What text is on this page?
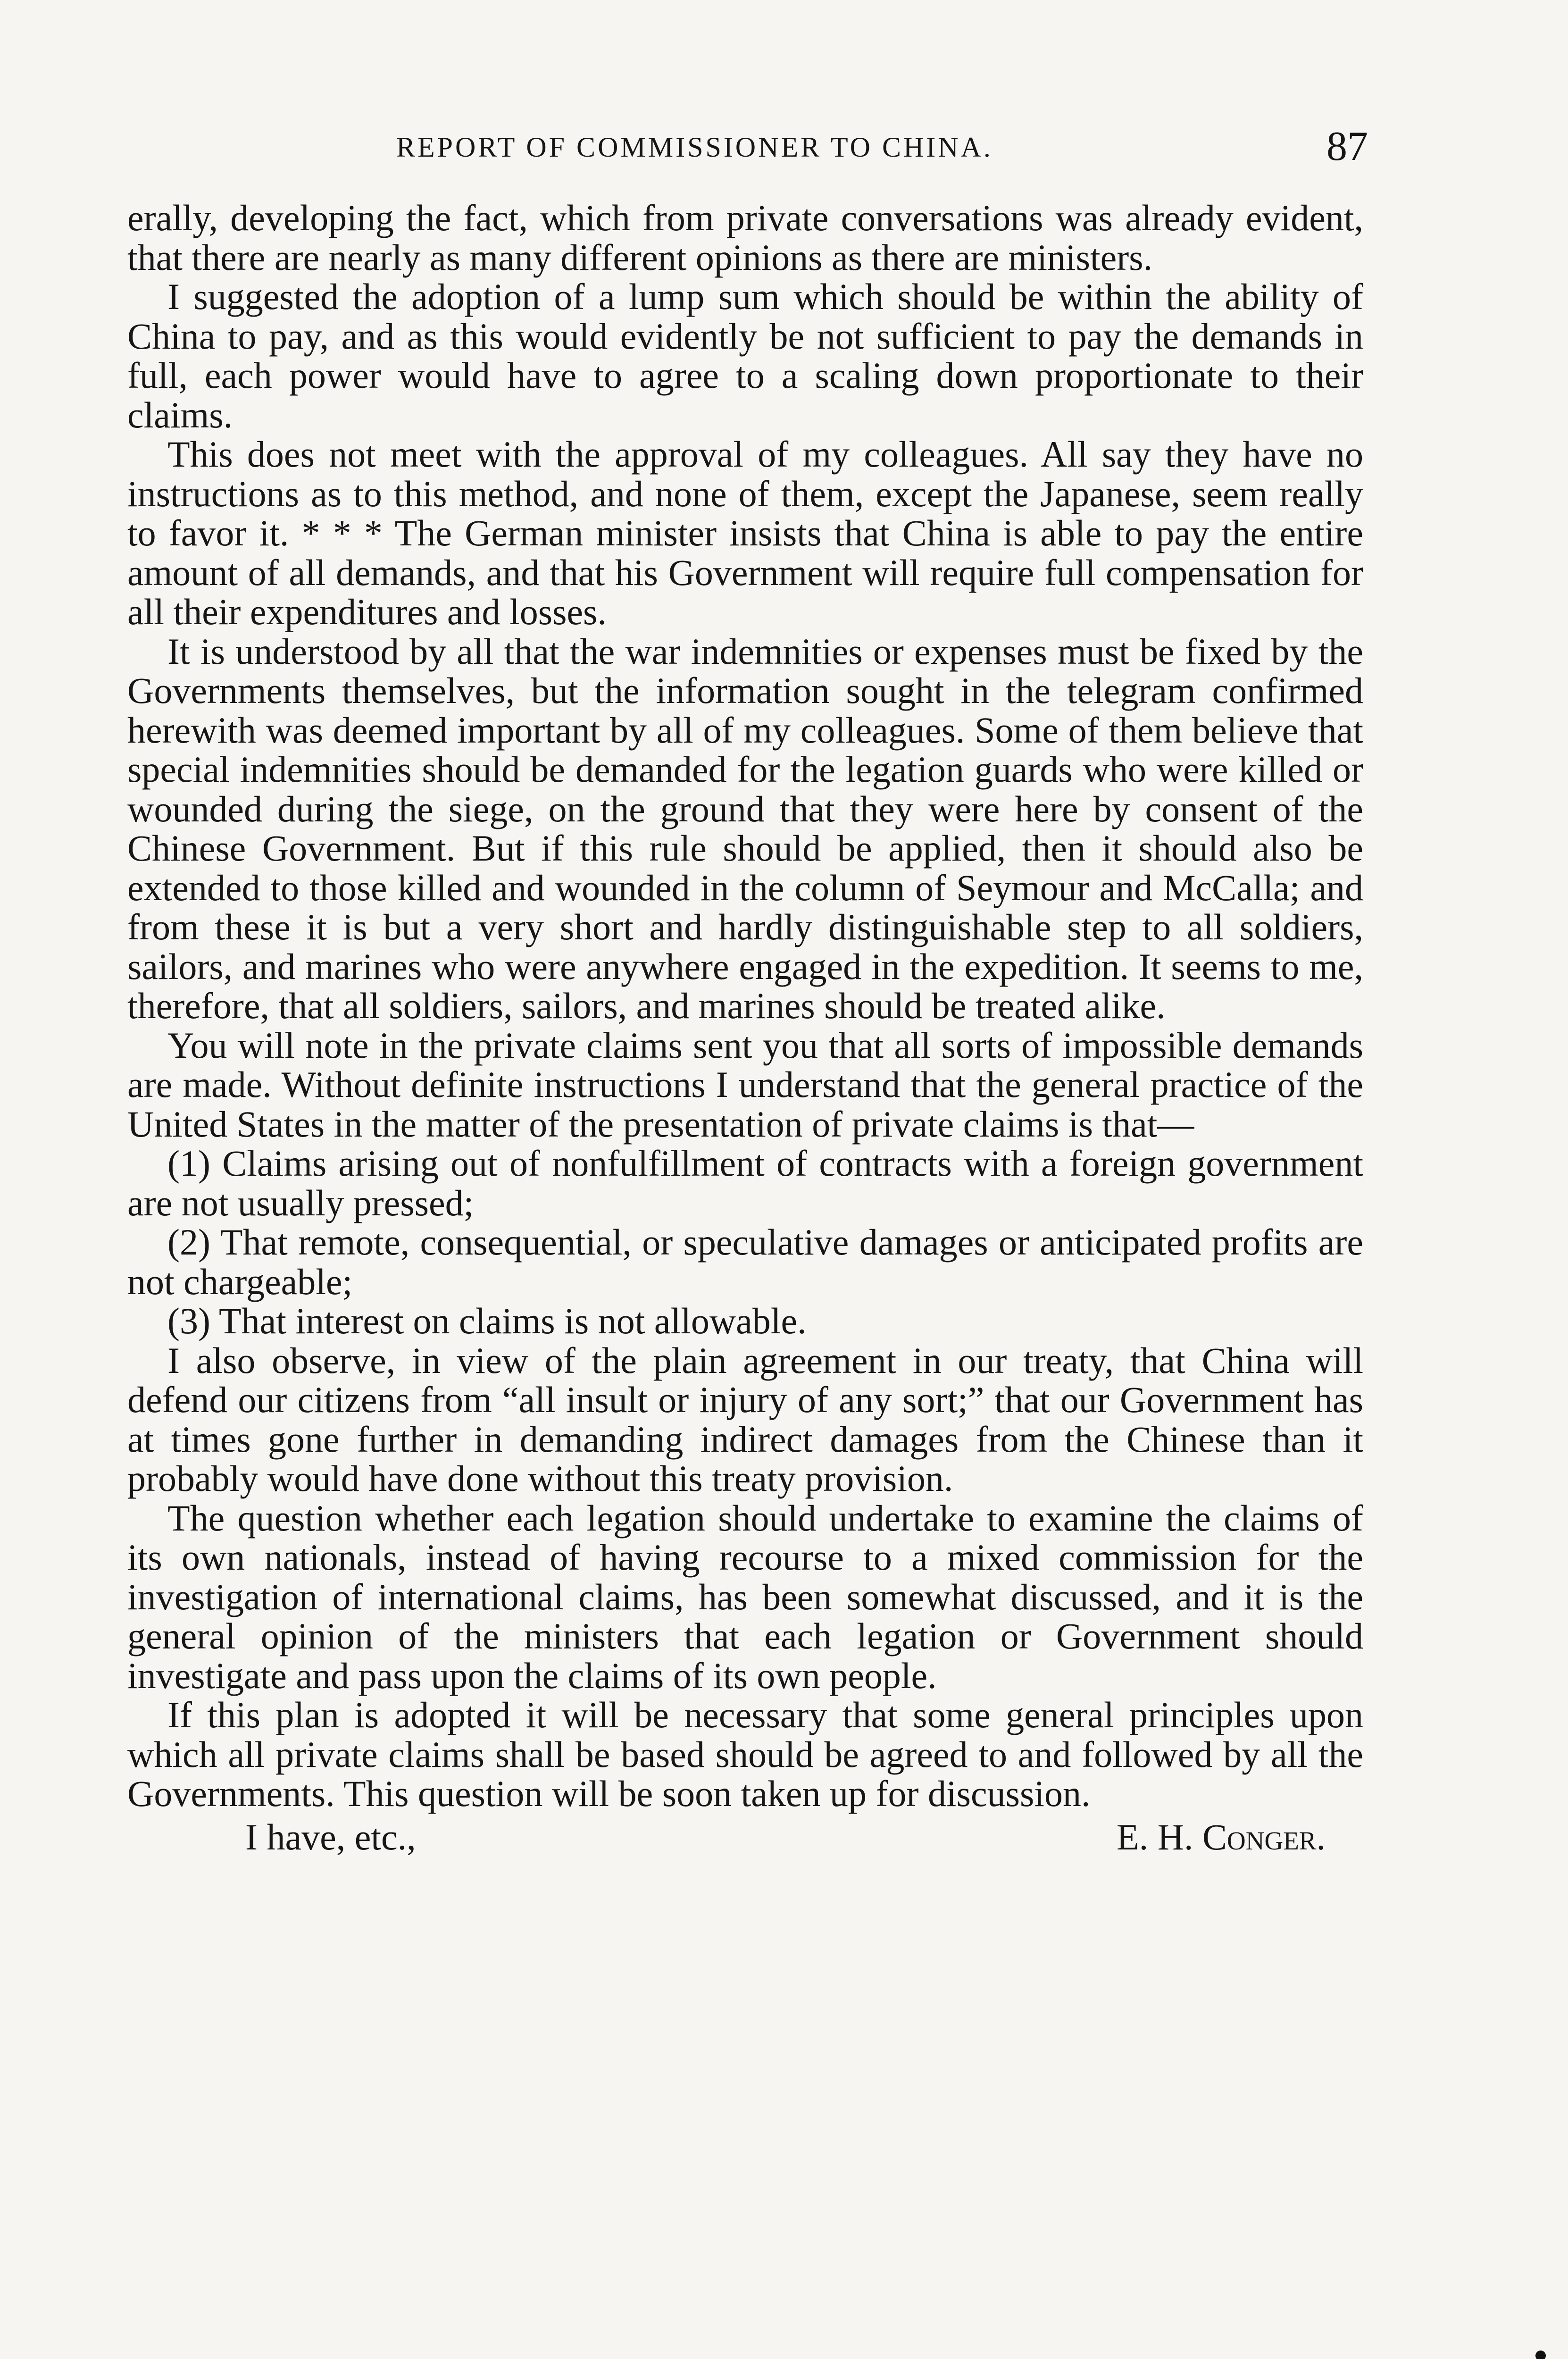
REPORT OF COMMISSIONER TO CHINA.	87

erally, developing the fact, which from private conversations was already evident, that there are nearly as many different opinions as there are ministers.

I suggested the adoption of a lump sum which should be within the ability of China to pay, and as this would evidently be not sufficient to pay the demands in full, each power would have to agree to a scaling down proportionate to their claims.

This does not meet with the approval of my colleagues. All say they have no instructions as to this method, and none of them, except the Japanese, seem really to favor it. * * * The German minister insists that China is able to pay the entire amount of all demands, and that his Government will require full compensation for all their expenditures and losses.

It is understood by all that the war indemnities or expenses must be fixed by the Governments themselves, but the information sought in the telegram confirmed herewith was deemed important by all of my colleagues. Some of them believe that special indemnities should be demanded for the legation guards who were killed or wounded during the siege, on the ground that they were here by consent of the Chinese Government. But if this rule should be applied, then it should also be extended to those killed and wounded in the column of Seymour and McCalla; and from these it is but a very short and hardly distinguishable step to all soldiers, sailors, and marines who were anywhere engaged in the expedition. It seems to me, therefore, that all soldiers, sailors, and marines should be treated alike.

You will note in the private claims sent you that all sorts of impossible demands are made. Without definite instructions I understand that the general practice of the United States in the matter of the presentation of private claims is that—

(1) Claims arising out of nonfulfillment of contracts with a foreign government are not usually pressed;

(2) That remote, consequential, or speculative damages or anticipated profits are not chargeable;

(3) That interest on claims is not allowable.

I also observe, in view of the plain agreement in our treaty, that China will defend our citizens from “all insult or injury of any sort;” that our Government has at times gone further in demanding indirect damages from the Chinese than it probably would have done without this treaty provision.

The question whether each legation should undertake to examine the claims of its own nationals, instead of having recourse to a mixed commission for the investigation of international claims, has been somewhat discussed, and it is the general opinion of the ministers that each legation or Government should investigate and pass upon the claims of its own people.

If this plan is adopted it will be necessary that some general principles upon which all private claims shall be based should be agreed to and followed by all the Governments. This question will be soon taken up for discussion.

I have, etc.,	E. H. Conger.
